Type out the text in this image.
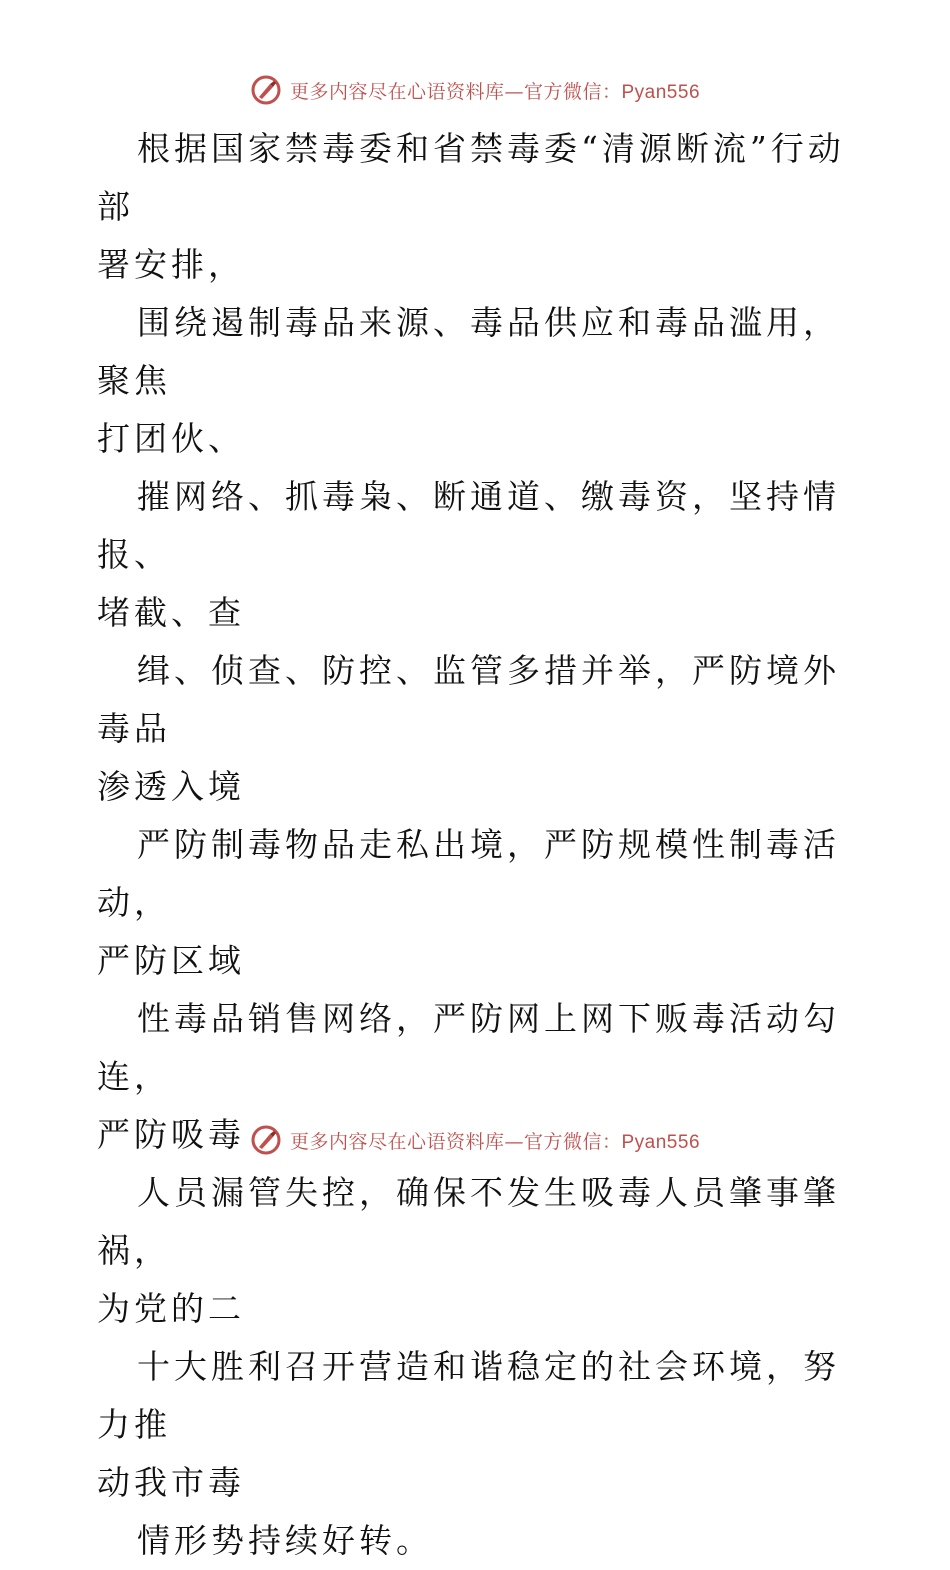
更多内容尽在心语资料库—官方微信：Pyan556

根据国家禁毒委和省禁毒委“清源断流”行动部
署安排，

围绕遏制毒品来源、毒品供应和毒品滥用，聚焦
打团伙、

摧网络、抓毒枭、断通道、缴毒资，坚持情报、
堵截、查

缉、侦查、防控、监管多措并举，严防境外毒品
渗透入境

严防制毒物品走私出境，严防规模性制毒活动，
严防区域

性毒品销售网络，严防网上网下贩毒活动勾连，
严防吸毒

人员漏管失控，确保不发生吸毒人员肇事肇祸，
为党的二

十大胜利召开营造和谐稳定的社会环境，努力推
动我市毒

情形势持续好转。

更多内容尽在心语资料库—官方微信：Pyan556
